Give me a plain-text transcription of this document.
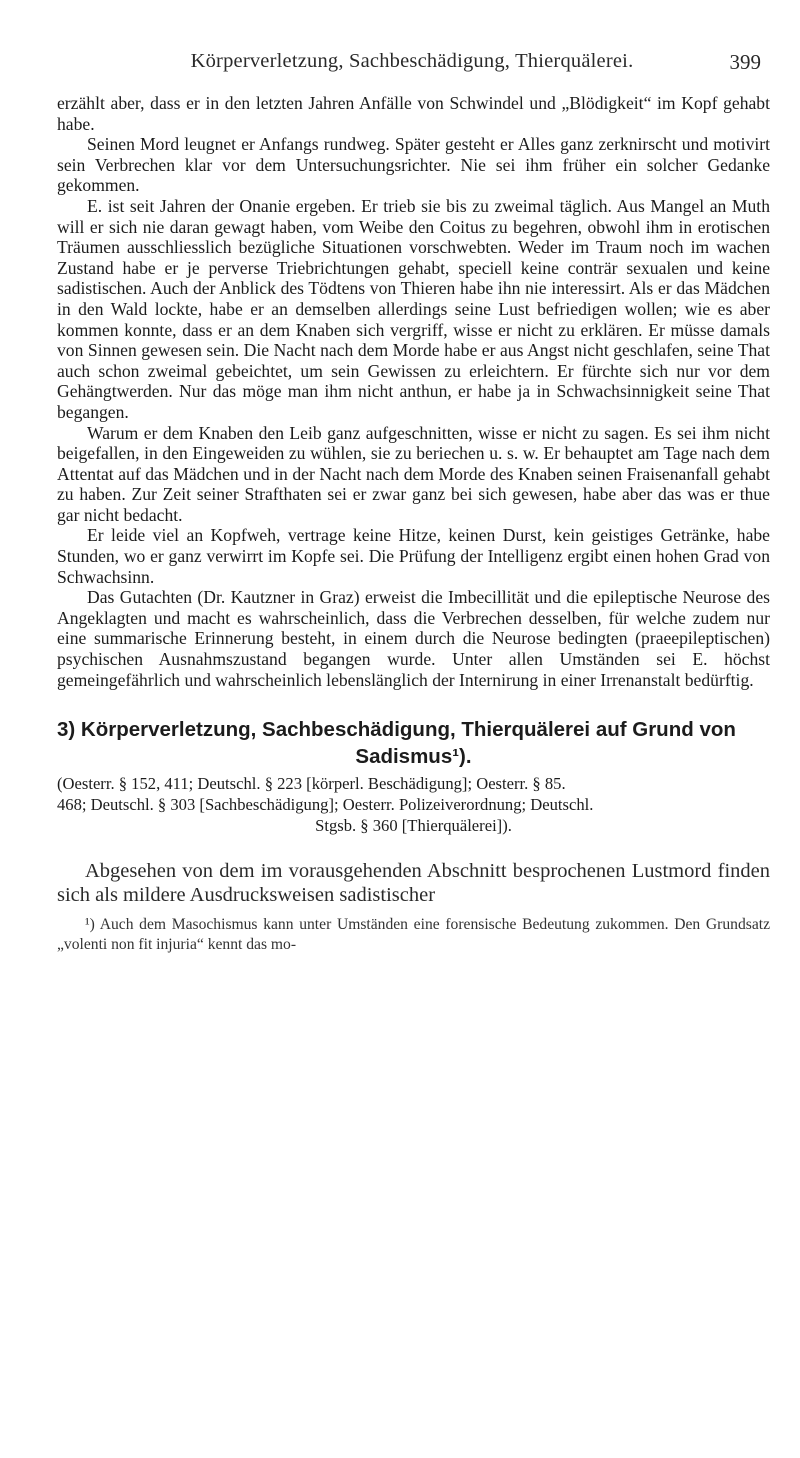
Körperverletzung, Sachbeschädigung, Thierquälerei.	399

erzählt aber, dass er in den letzten Jahren Anfälle von Schwindel und „Blödigkeit“ im Kopf gehabt habe.

Seinen Mord leugnet er Anfangs rundweg. Später gesteht er Alles ganz zerknirscht und motivirt sein Verbrechen klar vor dem Untersuchungsrichter. Nie sei ihm früher ein solcher Gedanke gekommen.

E. ist seit Jahren der Onanie ergeben. Er trieb sie bis zu zweimal täglich. Aus Mangel an Muth will er sich nie daran gewagt haben, vom Weibe den Coitus zu begehren, obwohl ihm in erotischen Träumen ausschliesslich bezügliche Situationen vorschwebten. Weder im Traum noch im wachen Zustand habe er je perverse Triebrichtungen gehabt, speciell keine conträr sexualen und keine sadistischen. Auch der Anblick des Tödtens von Thieren habe ihn nie interessirt. Als er das Mädchen in den Wald lockte, habe er an demselben allerdings seine Lust befriedigen wollen; wie es aber kommen konnte, dass er an dem Knaben sich vergriff, wisse er nicht zu erklären. Er müsse damals von Sinnen gewesen sein. Die Nacht nach dem Morde habe er aus Angst nicht geschlafen, seine That auch schon zweimal gebeichtet, um sein Gewissen zu erleichtern. Er fürchte sich nur vor dem Gehängtwerden. Nur das möge man ihm nicht anthun, er habe ja in Schwachsinnigkeit seine That begangen.

Warum er dem Knaben den Leib ganz aufgeschnitten, wisse er nicht zu sagen. Es sei ihm nicht beigefallen, in den Eingeweiden zu wühlen, sie zu beriechen u. s. w. Er behauptet am Tage nach dem Attentat auf das Mädchen und in der Nacht nach dem Morde des Knaben seinen Fraisenanfall gehabt zu haben. Zur Zeit seiner Strafthaten sei er zwar ganz bei sich gewesen, habe aber das was er thue gar nicht bedacht.

Er leide viel an Kopfweh, vertrage keine Hitze, keinen Durst, kein geistiges Getränke, habe Stunden, wo er ganz verwirrt im Kopfe sei. Die Prüfung der Intelligenz ergibt einen hohen Grad von Schwachsinn.

Das Gutachten (Dr. Kautzner in Graz) erweist die Imbecillität und die epileptische Neurose des Angeklagten und macht es wahrscheinlich, dass die Verbrechen desselben, für welche zudem nur eine summarische Erinnerung besteht, in einem durch die Neurose bedingten (praeepileptischen) psychischen Ausnahmszustand begangen wurde. Unter allen Umständen sei E. höchst gemeingefährlich und wahrscheinlich lebenslänglich der Internirung in einer Irrenanstalt bedürftig.

3) Körperverletzung, Sachbeschädigung, Thierquälerei auf Grund von
Sadismus¹).

(Oesterr. § 152, 411; Deutschl. § 223 [körperl. Beschädigung]; Oesterr. § 85.
468; Deutschl. § 303 [Sachbeschädigung]; Oesterr. Polizeiverordnung; Deutschl.

Stgsb. § 360 [Thierquälerei]).

Abgesehen von dem im vorausgehenden Abschnitt besprochenen Lustmord finden sich als mildere Ausdrucksweisen sadistischer

¹) Auch dem Masochismus kann unter Umständen eine forensische Bedeutung zukommen. Den Grundsatz „volenti non fit injuria“ kennt das mo-
